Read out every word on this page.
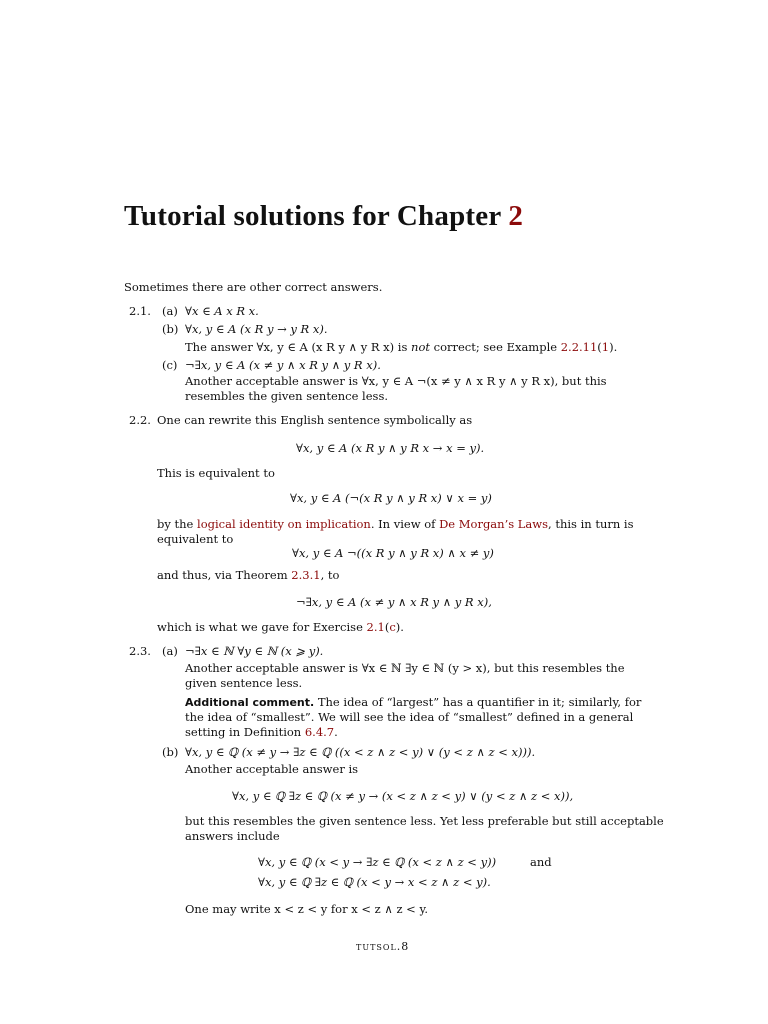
Tutorial solutions for Chapter 2
Sometimes there are other correct answers.
2.1. (a) ∀x ∈ A x R x.
(b) ∀x, y ∈ A (x R y → y R x).
The answer ∀x, y ∈ A (x R y ∧ y R x) is not correct; see Example 2.2.11(1).
(c) ¬∃x, y ∈ A (x ≠ y ∧ x R y ∧ y R x).
Another acceptable answer is ∀x, y ∈ A ¬(x ≠ y ∧ x R y ∧ y R x), but this
resembles the given sentence less.
2.2. One can rewrite this English sentence symbolically as
∀x, y ∈ A (x R y ∧ y R x → x = y).
This is equivalent to
∀x, y ∈ A (¬(x R y ∧ y R x) ∨ x = y)
by the logical identity on implication. In view of De Morgan’s Laws, this in turn is
equivalent to
∀x, y ∈ A ¬((x R y ∧ y R x) ∧ x ≠ y)
and thus, via Theorem 2.3.1, to
¬∃x, y ∈ A (x ≠ y ∧ x R y ∧ y R x),
which is what we gave for Exercise 2.1(c).
2.3. (a) ¬∃x ∈ ℕ ∀y ∈ ℕ (x ⩾ y).
Another acceptable answer is ∀x ∈ ℕ ∃y ∈ ℕ (y > x), but this resembles the
given sentence less.
Additional comment. The idea of “largest” has a quantifier in it; similarly, for
the idea of “smallest”. We will see the idea of “smallest” defined in a general
setting in Definition 6.4.7.
(b) ∀x, y ∈ ℚ (x ≠ y → ∃z ∈ ℚ ((x < z ∧ z < y) ∨ (y < z ∧ z < x))).
Another acceptable answer is
∀x, y ∈ ℚ ∃z ∈ ℚ (x ≠ y → (x < z ∧ z < y) ∨ (y < z ∧ z < x)),
but this resembles the given sentence less. Yet less preferable but still acceptable
answers include
∀x, y ∈ ℚ (x < y → ∃z ∈ ℚ (x < z ∧ z < y))	and
∀x, y ∈ ℚ ∃z ∈ ℚ (x < y → x < z ∧ z < y).
One may write x < z < y for x < z ∧ z < y.
tutsol.8
